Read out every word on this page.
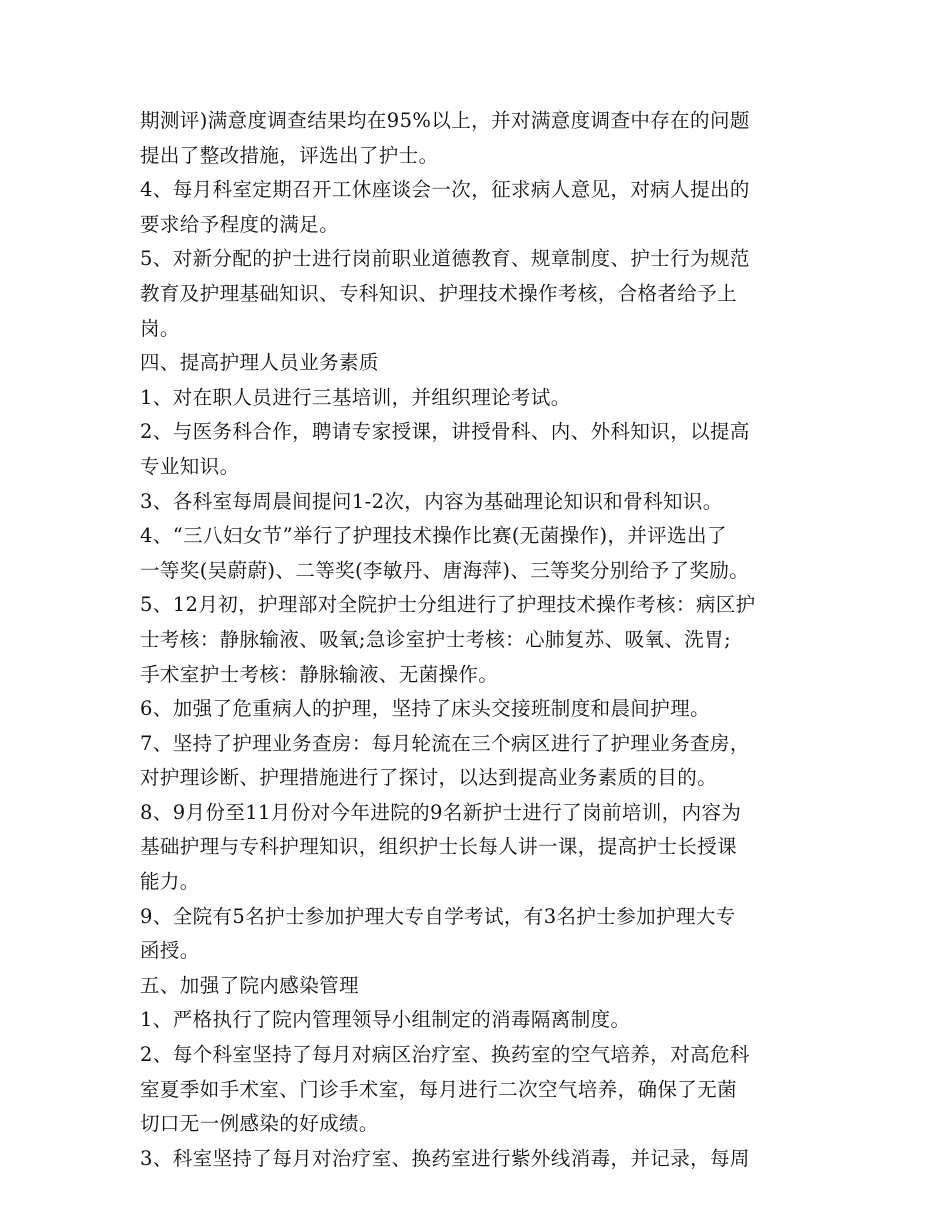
期测评)满意度调查结果均在95%以上，并对满意度调查中存在的问题
提出了整改措施，评选出了护士。
4、每月科室定期召开工休座谈会一次，征求病人意见，对病人提出的
要求给予程度的满足。
5、对新分配的护士进行岗前职业道德教育、规章制度、护士行为规范
教育及护理基础知识、专科知识、护理技术操作考核，合格者给予上
岗。
四、提高护理人员业务素质
1、对在职人员进行三基培训，并组织理论考试。
2、与医务科合作，聘请专家授课，讲授骨科、内、外科知识，以提高
专业知识。
3、各科室每周晨间提问1-2次，内容为基础理论知识和骨科知识。
4、“三八妇女节”举行了护理技术操作比赛(无菌操作)，并评选出了
一等奖(吴蔚蔚)、二等奖(李敏丹、唐海萍)、三等奖分别给予了奖励。
5、12月初，护理部对全院护士分组进行了护理技术操作考核：病区护
士考核：静脉输液、吸氧;急诊室护士考核：心肺复苏、吸氧、洗胃;
手术室护士考核：静脉输液、无菌操作。
6、加强了危重病人的护理，坚持了床头交接班制度和晨间护理。
7、坚持了护理业务查房：每月轮流在三个病区进行了护理业务查房，
对护理诊断、护理措施进行了探讨，以达到提高业务素质的目的。
8、9月份至11月份对今年进院的9名新护士进行了岗前培训，内容为
基础护理与专科护理知识，组织护士长每人讲一课，提高护士长授课
能力。
9、全院有5名护士参加护理大专自学考试，有3名护士参加护理大专
函授。
五、加强了院内感染管理
1、严格执行了院内管理领导小组制定的消毒隔离制度。
2、每个科室坚持了每月对病区治疗室、换药室的空气培养，对高危科
室夏季如手术室、门诊手术室，每月进行二次空气培养，确保了无菌
切口无一例感染的好成绩。
3、科室坚持了每月对治疗室、换药室进行紫外线消毒，并记录，每周
